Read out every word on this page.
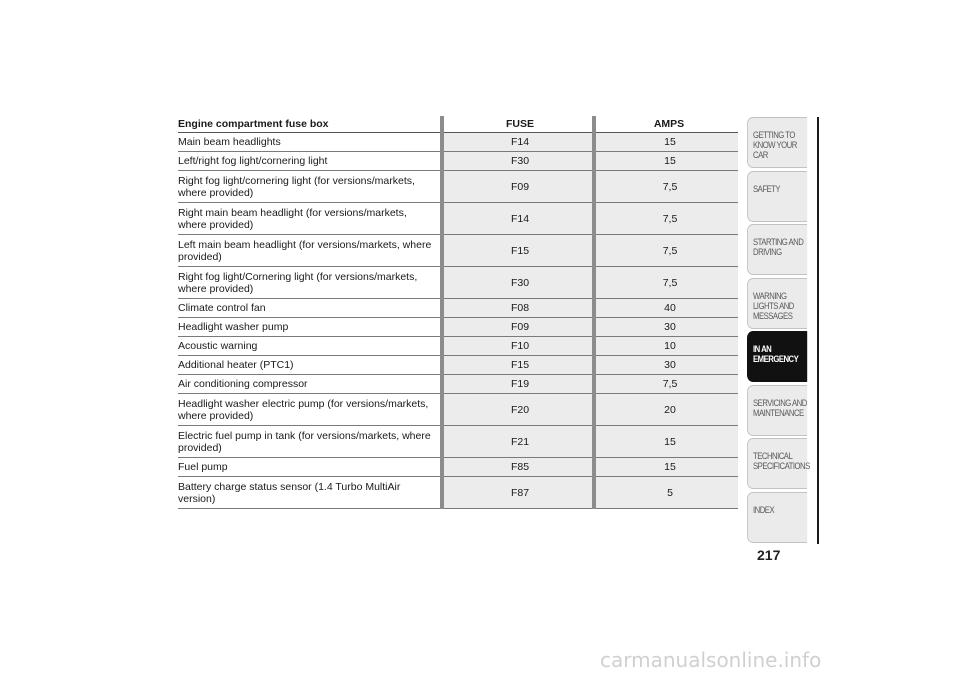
Engine compartment fuse box	FUSE	AMPS
Main beam headlights	F14	15
Left/right fog light/cornering light	F30	15
Right fog light/cornering light (for versions/markets, where provided)	F09	7,5
Right main beam headlight (for versions/markets, where provided)	F14	7,5
Left main beam headlight (for versions/markets, where provided)	F15	7,5
Right fog light/Cornering light (for versions/markets, where provided)	F30	7,5
Climate control fan	F08	40
Headlight washer pump	F09	30
Acoustic warning	F10	10
Additional heater (PTC1)	F15	30
Air conditioning compressor	F19	7,5
Headlight washer electric pump (for versions/markets, where provided)	F20	20
Electric fuel pump in tank (for versions/markets, where provided)	F21	15
Fuel pump	F85	15
Battery charge status sensor (1.4 Turbo MultiAir version)	F87	5
GETTING TO KNOW YOUR CAR
SAFETY
STARTING AND DRIVING
WARNING LIGHTS AND MESSAGES
IN AN EMERGENCY
SERVICING AND MAINTENANCE
TECHNICAL SPECIFICATIONS
INDEX
217
carmanualsonline.info
